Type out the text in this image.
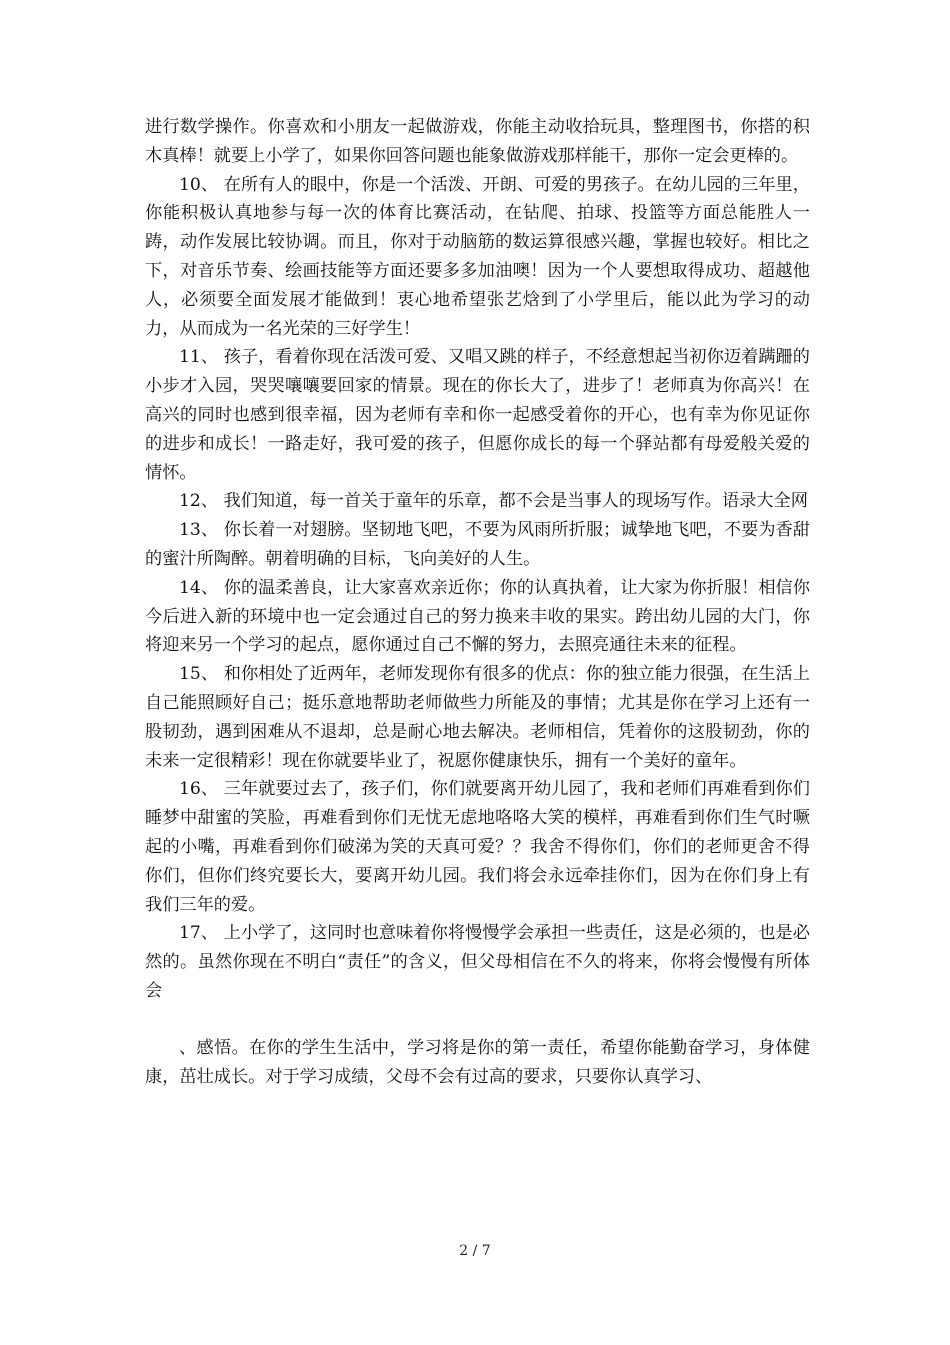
进行数学操作。你喜欢和小朋友一起做游戏，你能主动收拾玩具，整理图书，你搭的积木真棒！就要上小学了，如果你回答问题也能象做游戏那样能干，那你一定会更棒的。

10、 在所有人的眼中，你是一个活泼、开朗、可爱的男孩子。在幼儿园的三年里，你能积极认真地参与每一次的体育比赛活动，在钻爬、拍球、投篮等方面总能胜人一踌，动作发展比较协调。而且，你对于动脑筋的数运算很感兴趣，掌握也较好。相比之下，对音乐节奏、绘画技能等方面还要多多加油噢！因为一个人要想取得成功、超越他人，必须要全面发展才能做到！衷心地希望张艺焓到了小学里后，能以此为学习的动力，从而成为一名光荣的三好学生！

11、 孩子，看着你现在活泼可爱、又唱又跳的样子，不经意想起当初你迈着蹒跚的小步才入园，哭哭嚷嚷要回家的情景。现在的你长大了，进步了！老师真为你高兴！在高兴的同时也感到很幸福，因为老师有幸和你一起感受着你的开心，也有幸为你见证你的进步和成长！一路走好，我可爱的孩子，但愿你成长的每一个驿站都有母爱般关爱的情怀。

12、 我们知道，每一首关于童年的乐章，都不会是当事人的现场写作。语录大全网

13、 你长着一对翅膀。坚韧地飞吧，不要为风雨所折服；诚挚地飞吧，不要为香甜的蜜汁所陶醉。朝着明确的目标，飞向美好的人生。

14、 你的温柔善良，让大家喜欢亲近你；你的认真执着，让大家为你折服！相信你今后进入新的环境中也一定会通过自己的努力换来丰收的果实。跨出幼儿园的大门，你将迎来另一个学习的起点，愿你通过自己不懈的努力，去照亮通往未来的征程。

15、 和你相处了近两年，老师发现你有很多的优点：你的独立能力很强，在生活上自己能照顾好自己；挺乐意地帮助老师做些力所能及的事情；尤其是你在学习上还有一股韧劲，遇到困难从不退却，总是耐心地去解决。老师相信，凭着你的这股韧劲，你的未来一定很精彩！现在你就要毕业了，祝愿你健康快乐，拥有一个美好的童年。

16、 三年就要过去了，孩子们，你们就要离开幼儿园了，我和老师们再难看到你们睡梦中甜蜜的笑脸，再难看到你们无忧无虑地咯咯大笑的模样，再难看到你们生气时噘起的小嘴，再难看到你们破涕为笑的天真可爱？？我舍不得你们，你们的老师更舍不得你们，但你们终究要长大，要离开幼儿园。我们将会永远牵挂你们，因为在你们身上有我们三年的爱。

17、 上小学了，这同时也意味着你将慢慢学会承担一些责任，这是必须的，也是必然的。虽然你现在不明白“责任”的含义，但父母相信在不久的将来，你将会慢慢有所体会

、感悟。在你的学生生活中，学习将是你的第一责任，希望你能勤奋学习，身体健康，茁壮成长。对于学习成绩，父母不会有过高的要求，只要你认真学习、

2 / 7
